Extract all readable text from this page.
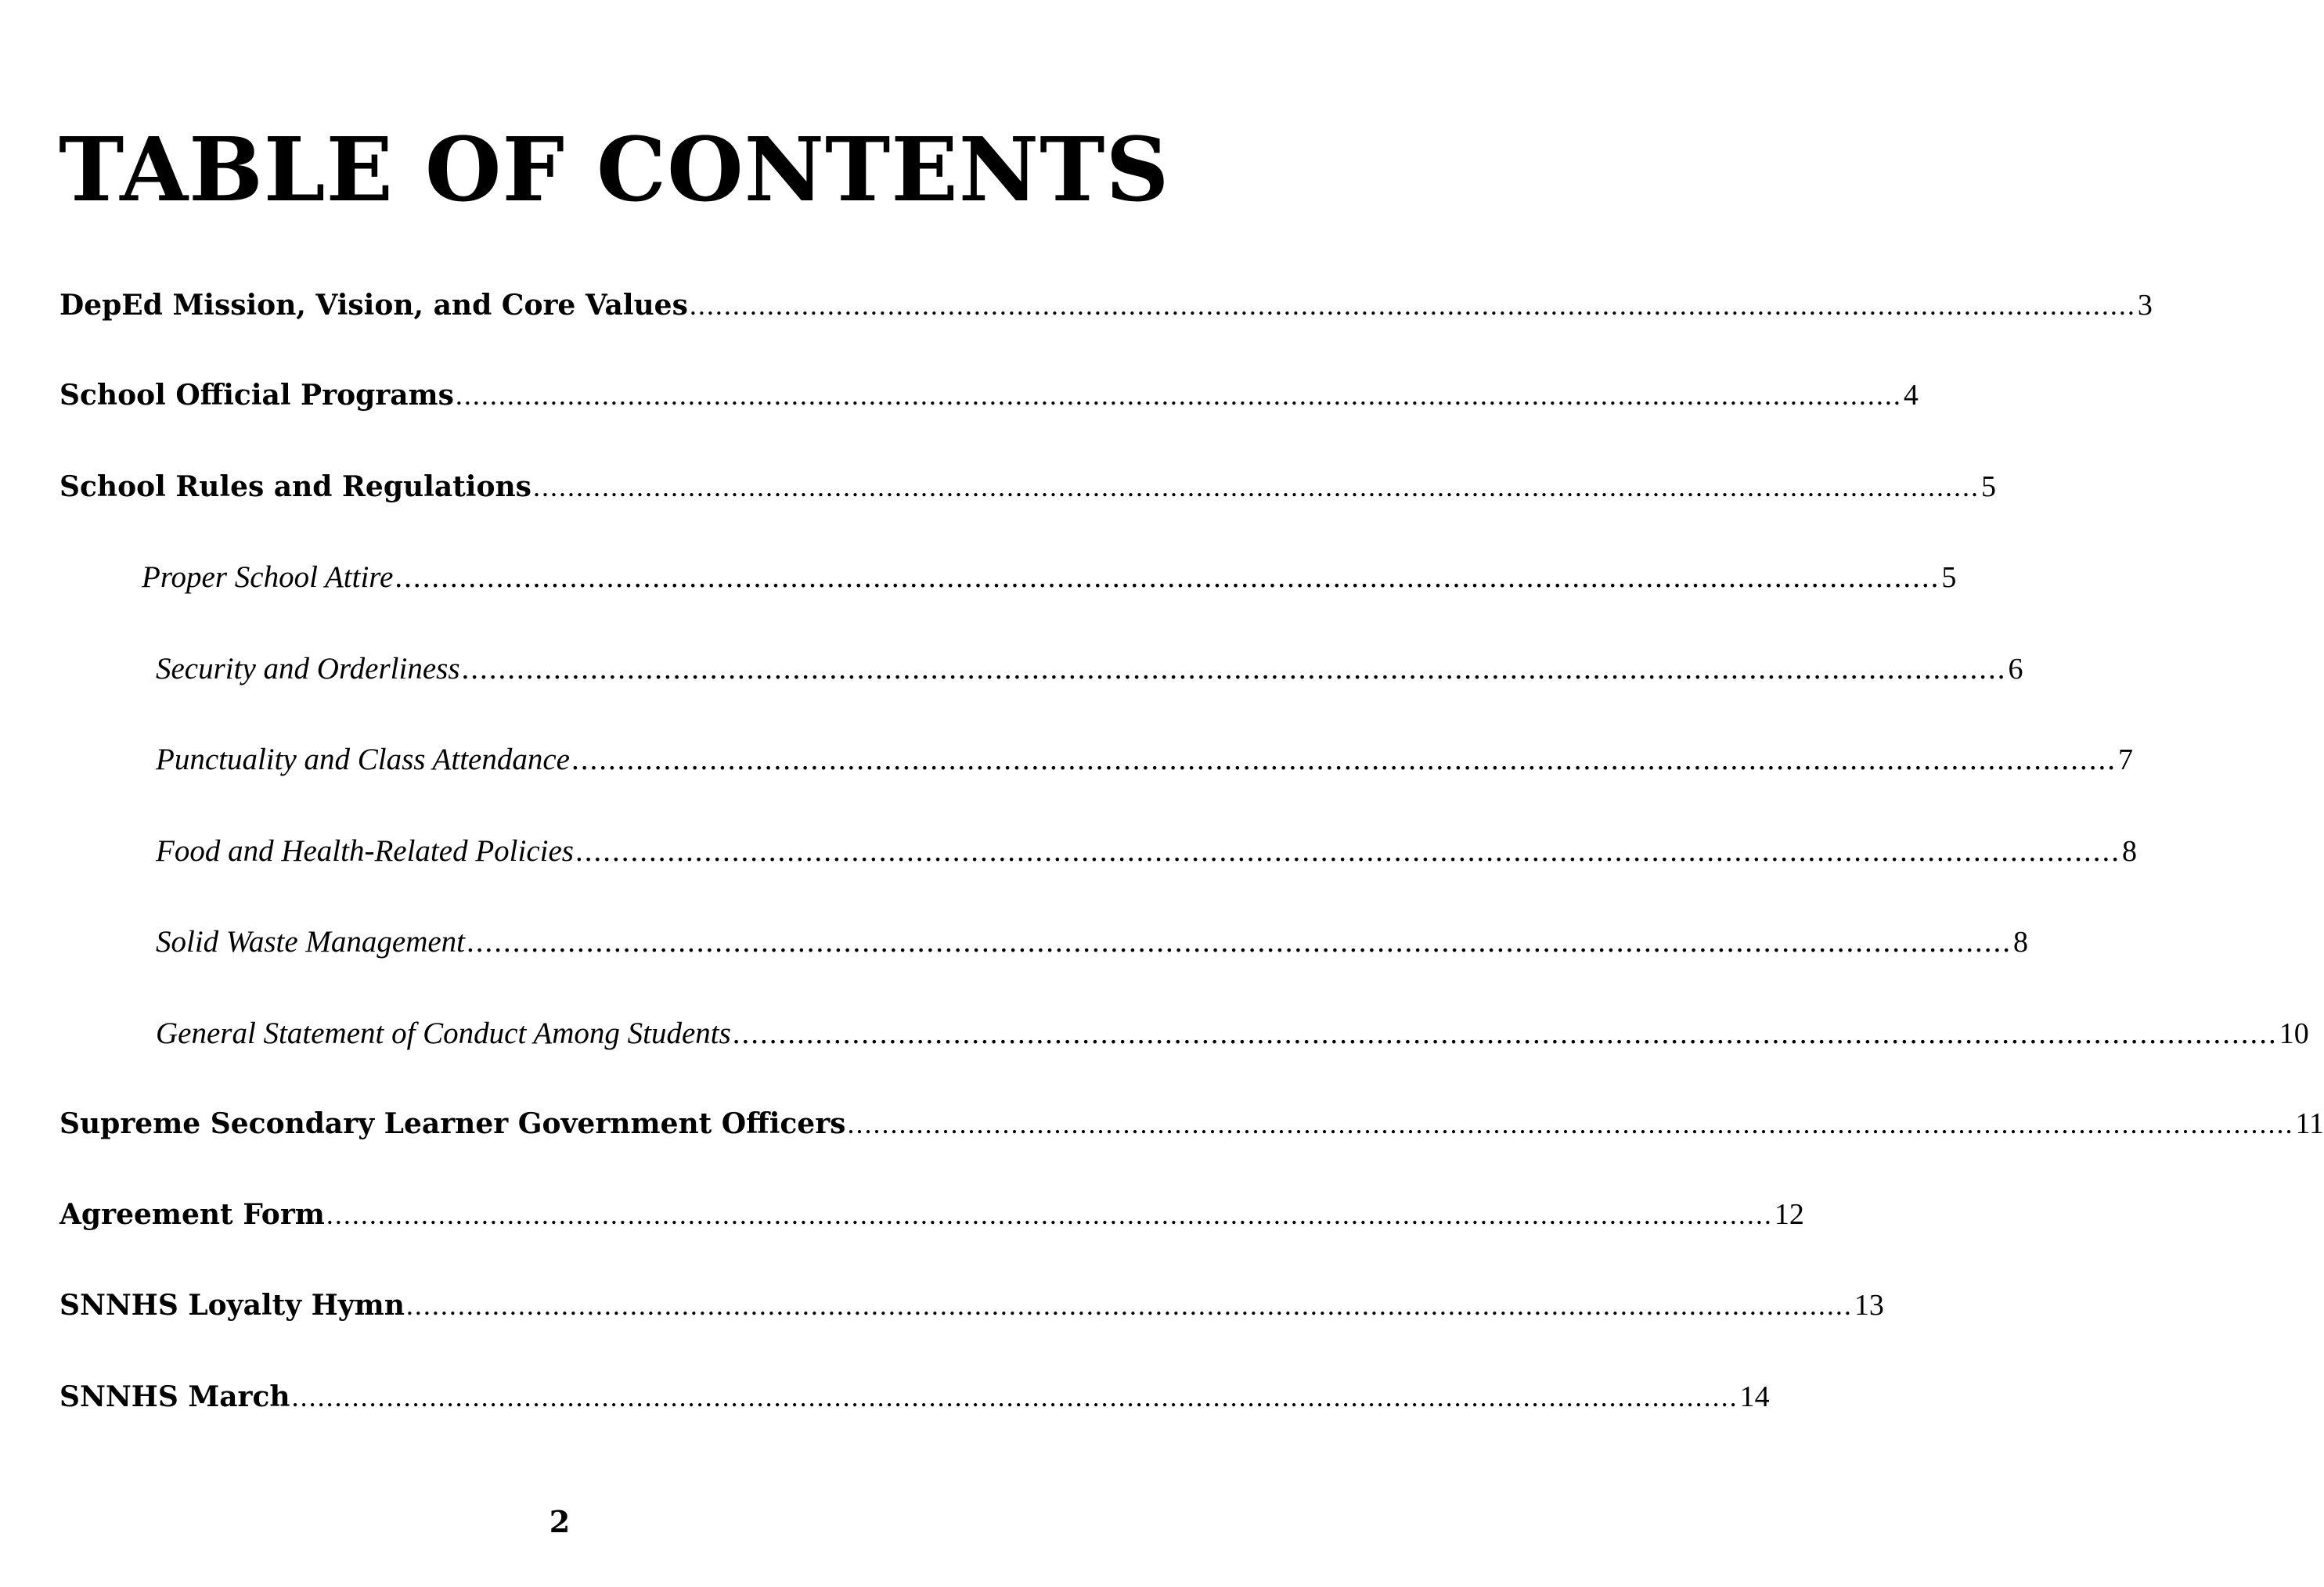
TABLE OF CONTENTS
DepEd Mission, Vision, and Core Values ........................................................................................................................................................................ 3
School Official Programs ........................................................................................................................................................................ 4
School Rules and Regulations ........................................................................................................................................................................ 5
Proper School Attire ........................................................................................................................................................................ 5
Security and Orderliness ........................................................................................................................................................................ 6
Punctuality and Class Attendance ........................................................................................................................................................................ 7
Food and Health-Related Policies ........................................................................................................................................................................ 8
Solid Waste Management ........................................................................................................................................................................ 8
General Statement of Conduct Among Students ........................................................................................................................................................................ 10
Supreme Secondary Learner Government Officers ........................................................................................................................................................................ 11
Agreement Form ........................................................................................................................................................................ 12
SNNHS Loyalty Hymn ........................................................................................................................................................................ 13
SNNHS March ........................................................................................................................................................................ 14
2
